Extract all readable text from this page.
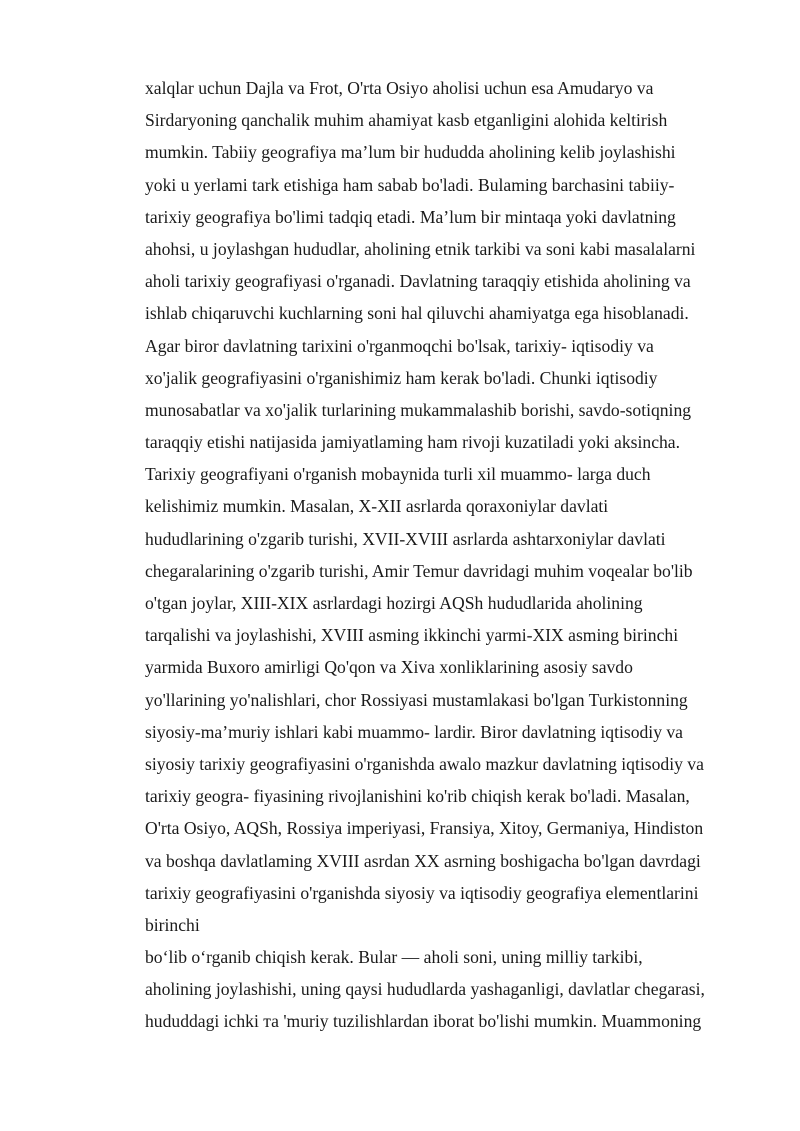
xalqlar uchun Dajla va Frot, O'rta Osiyo aholisi uchun esa Amudaryo va
Sirdaryoning qanchalik muhim ahamiyat kasb etganligini alohida keltirish
mumkin. Tabiiy geografiya ma’lum bir hududda aholining kelib joylashishi
yoki u yerlami tark etishiga ham sabab bo'ladi. Bulaming barchasini tabiiy-
tarixiy geografiya bo'limi tadqiq etadi. Ma’lum bir mintaqa yoki davlatning
ahohsi, u joylashgan hududlar, aholining etnik tarkibi va soni kabi masalalarni
aholi tarixiy geografiyasi o'rganadi. Davlatning taraqqiy etishida aholining va
ishlab chiqaruvchi kuchlarning soni hal qiluvchi ahamiyatga ega hisoblanadi.
Agar biror davlatning tarixini o'rganmoqchi bo'lsak, tarixiy- iqtisodiy va
xo'jalik geografiyasini o'rganishimiz ham kerak bo'ladi. Chunki iqtisodiy
munosabatlar va xo'jalik turlarining mukammalashib borishi, savdo-sotiqning
taraqqiy etishi natijasida jamiyatlaming ham rivoji kuzatiladi yoki aksincha.
Tarixiy geografiyani o'rganish mobaynida turli xil muammo- larga duch
kelishimiz mumkin. Masalan, X-XII asrlarda qoraxoniylar davlati
hududlarining o'zgarib turishi, XVII-XVIII asrlarda ashtarxoniylar davlati
chegaralarining o'zgarib turishi, Amir Temur davridagi muhim voqealar bo'lib
o'tgan joylar, XIII-XIX asrlardagi hozirgi AQSh hududlarida aholining
tarqalishi va joylashishi, XVIII asming ikkinchi yarmi-XIX asming birinchi
yarmida Buxoro amirligi Qo'qon va Xiva xonliklarining asosiy savdo
yo'llarining yo'nalishlari, chor Rossiyasi mustamlakasi bo'lgan Turkistonning
siyosiy-ma’muriy ishlari kabi muammo- lardir. Biror davlatning iqtisodiy va
siyosiy tarixiy geografiyasini o'rganishda awalo mazkur davlatning iqtisodiy va
tarixiy geogra- fiyasining rivojlanishini ko'rib chiqish kerak bo'ladi. Masalan,
O'rta Osiyo, AQSh, Rossiya imperiyasi, Fransiya, Xitoy, Germaniya, Hindiston
va boshqa davlatlaming XVIII asrdan XX asrning boshigacha bo'lgan davrdagi
tarixiy geografiyasini o'rganishda siyosiy va iqtisodiy geografiya elementlarini
birinchi
bo‘lib o‘rganib chiqish kerak. Bular — aholi soni, uning milliy tarkibi,
aholining joylashishi, uning qaysi hududlarda yashaganligi, davlatlar chegarasi,
hududdagi ichki та 'muriy tuzilishlardan iborat bo'lishi mumkin. Muammoning
